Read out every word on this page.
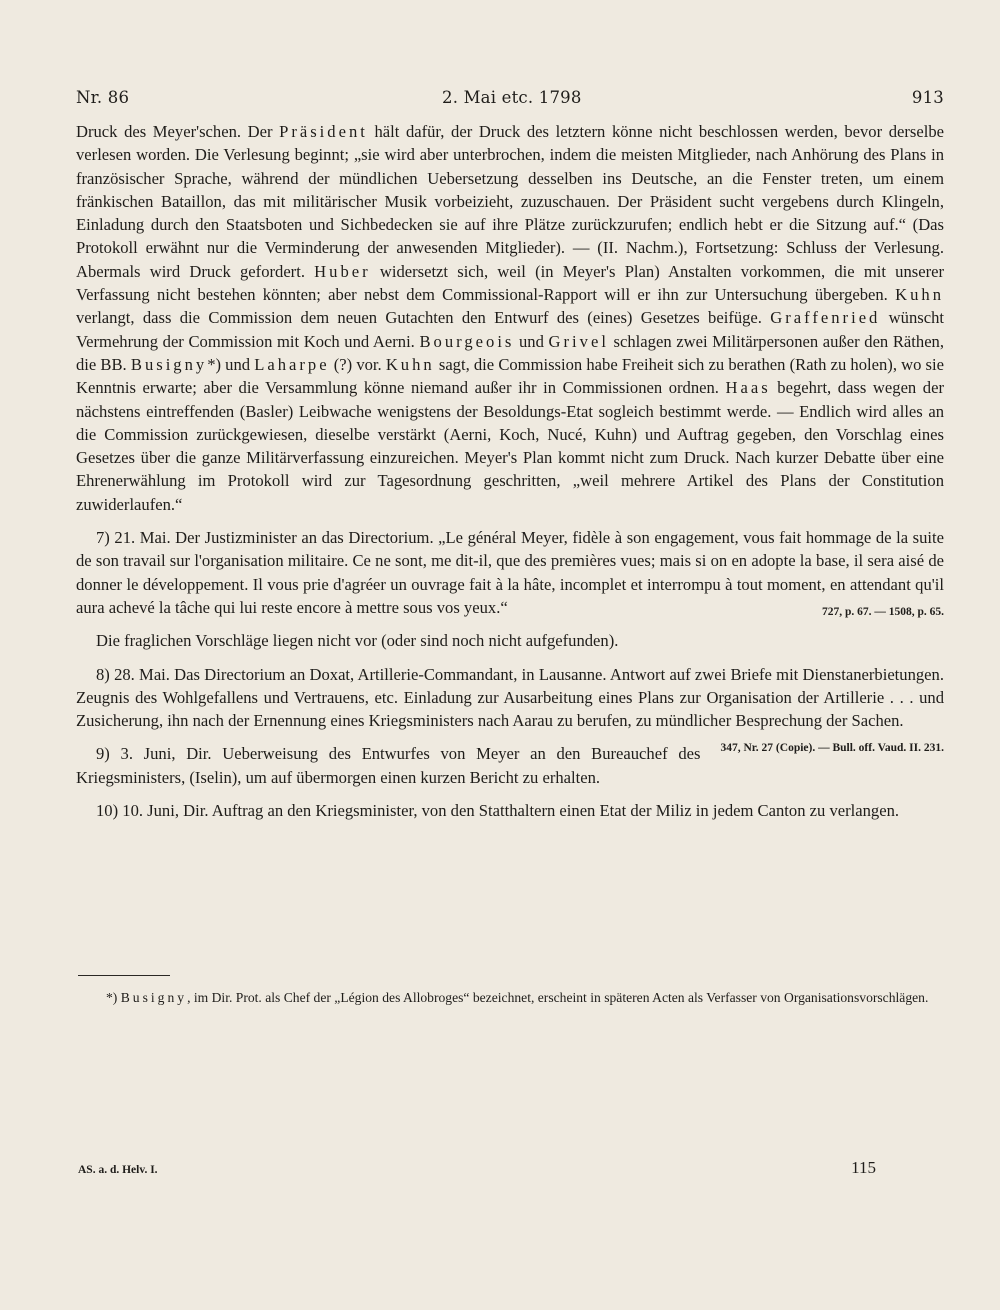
Nr. 86	2. Mai etc. 1798	913

Druck des Meyer'schen. Der Präsident hält dafür, der Druck des letztern könne nicht beschlossen werden, bevor derselbe verlesen worden. Die Verlesung beginnt; „sie wird aber unterbrochen, indem die meisten Mitglieder, nach Anhörung des Plans in französischer Sprache, während der mündlichen Uebersetzung desselben ins Deutsche, an die Fenster treten, um einem fränkischen Bataillon, das mit militärischer Musik vorbeizieht, zuzuschauen. Der Präsident sucht vergebens durch Klingeln, Einladung durch den Staatsboten und Sichbedecken sie auf ihre Plätze zurückzurufen; endlich hebt er die Sitzung auf.“ (Das Protokoll erwähnt nur die Verminderung der anwesenden Mitglieder). — (II. Nachm.), Fortsetzung: Schluss der Verlesung. Abermals wird Druck gefordert. Huber widersetzt sich, weil (in Meyer's Plan) Anstalten vorkommen, die mit unserer Verfassung nicht bestehen könnten; aber nebst dem Commissional-Rapport will er ihn zur Untersuchung übergeben. Kuhn verlangt, dass die Commission dem neuen Gutachten den Entwurf des (eines) Gesetzes beifüge. Graffenried wünscht Vermehrung der Commission mit Koch und Aerni. Bourgeois und Grivel schlagen zwei Militärpersonen außer den Räthen, die BB. Busigny*) und Laharpe (?) vor. Kuhn sagt, die Commission habe Freiheit sich zu berathen (Rath zu holen), wo sie Kenntnis erwarte; aber die Versammlung könne niemand außer ihr in Commissionen ordnen. Haas begehrt, dass wegen der nächstens eintreffenden (Basler) Leibwache wenigstens der Besoldungs-Etat sogleich bestimmt werde. — Endlich wird alles an die Commission zurückgewiesen, dieselbe verstärkt (Aerni, Koch, Nucé, Kuhn) und Auftrag gegeben, den Vorschlag eines Gesetzes über die ganze Militärverfassung einzureichen. Meyer's Plan kommt nicht zum Druck. Nach kurzer Debatte über eine Ehrenerwählung im Protokoll wird zur Tagesordnung geschritten, „weil mehrere Artikel des Plans der Constitution zuwiderlaufen.“

7) 21. Mai. Der Justizminister an das Directorium. „Le général Meyer, fidèle à son engagement, vous fait hommage de la suite de son travail sur l'organisation militaire. Ce ne sont, me dit-il, que des premières vues; mais si on en adopte la base, il sera aisé de donner le développement. Il vous prie d'agréer un ouvrage fait à la hâte, incomplet et interrompu à tout moment, en attendant qu'il aura achevé la tâche qui lui reste encore à mettre sous vos yeux.“	727, p. 67. — 1508, p. 65.

Die fraglichen Vorschläge liegen nicht vor (oder sind noch nicht aufgefunden).

8) 28. Mai. Das Directorium an Doxat, Artillerie-Commandant, in Lausanne. Antwort auf zwei Briefe mit Dienstanerbietungen. Zeugnis des Wohlgefallens und Vertrauens, etc. Einladung zur Ausarbeitung eines Plans zur Organisation der Artillerie . . . und Zusicherung, ihn nach der Ernennung eines Kriegsministers nach Aarau zu berufen, zu mündlicher Besprechung der Sachen.
347, Nr. 27 (Copie). — Bull. off. Vaud. II. 231.

9) 3. Juni, Dir. Ueberweisung des Entwurfes von Meyer an den Bureauchef des Kriegsministers, (Iselin), um auf übermorgen einen kurzen Bericht zu erhalten.

10) 10. Juni, Dir. Auftrag an den Kriegsminister, von den Statthaltern einen Etat der Miliz in jedem Canton zu verlangen.

*) Busigny, im Dir. Prot. als Chef der „Légion des Allobroges“ bezeichnet, erscheint in späteren Acten als Verfasser von Organisationsvorschlägen.

AS. a. d. Helv. I.	115
